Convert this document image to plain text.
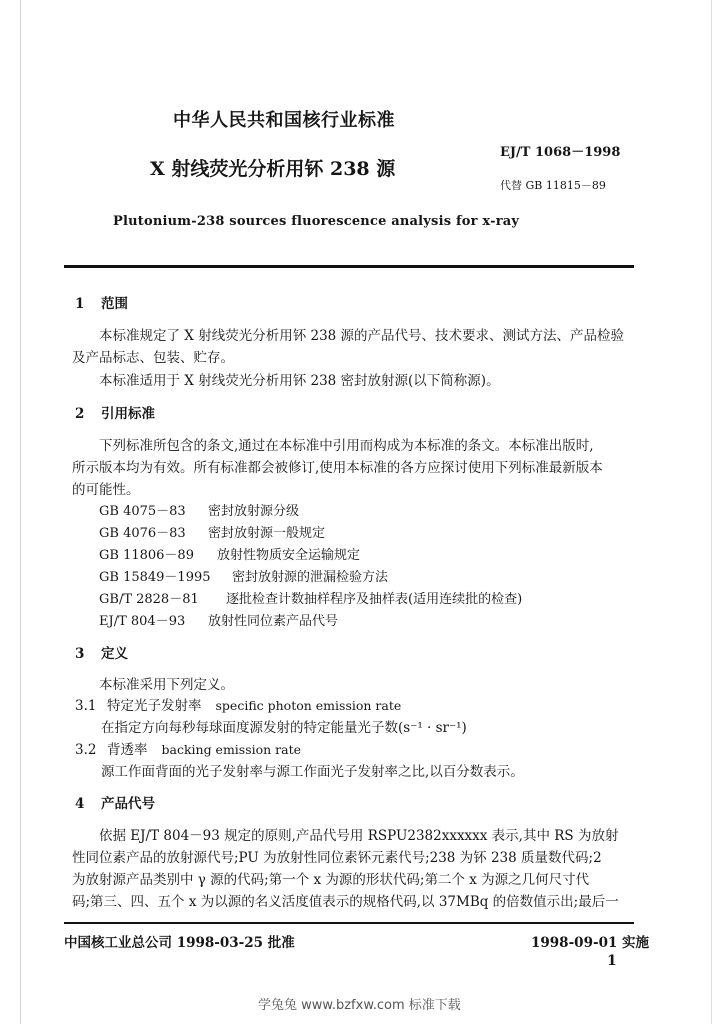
中华人民共和国核行业标准
EJ/T 1068－1998
X 射线荧光分析用钚 238 源
代替 GB 11815－89
Plutonium-238 sources fluorescence analysis for x-ray
1 范围
本标准规定了 X 射线荧光分析用钚 238 源的产品代号、技术要求、测试方法、产品检验
及产品标志、包装、贮存。
本标准适用于 X 射线荧光分析用钚 238 密封放射源(以下简称源)。
2 引用标准
下列标准所包含的条文,通过在本标准中引用而构成为本标准的条文。本标准出版时,
所示版本均为有效。所有标准都会被修订,使用本标准的各方应探讨使用下列标准最新版本
的可能性。
GB 4075－83 密封放射源分级
GB 4076－83 密封放射源一般规定
GB 11806－89 放射性物质安全运输规定
GB 15849－1995 密封放射源的泄漏检验方法
GB/T 2828－81 逐批检查计数抽样程序及抽样表(适用连续批的检查)
EJ/T 804－93 放射性同位素产品代号
3 定义
本标准采用下列定义。
3.1 特定光子发射率 specific photon emission rate
在指定方向每秒每球面度源发射的特定能量光子数(s⁻¹ · sr⁻¹)
3.2 背透率 backing emission rate
源工作面背面的光子发射率与源工作面光子发射率之比,以百分数表示。
4 产品代号
依据 EJ/T 804－93 规定的原则,产品代号用 RSPU2382xxxxxx 表示,其中 RS 为放射
性同位素产品的放射源代号;PU 为放射性同位素钚元素代号;238 为钚 238 质量数代码;2
为放射源产品类别中 γ 源的代码;第一个 x 为源的形状代码;第二个 x 为源之几何尺寸代
码;第三、四、五个 x 为以源的名义活度值表示的规格代码,以 37MBq 的倍数值示出;最后一
中国核工业总公司 1998-03-25 批准	1998-09-01 实施
1
学兔兔 www.bzfxw.com 标准下载
